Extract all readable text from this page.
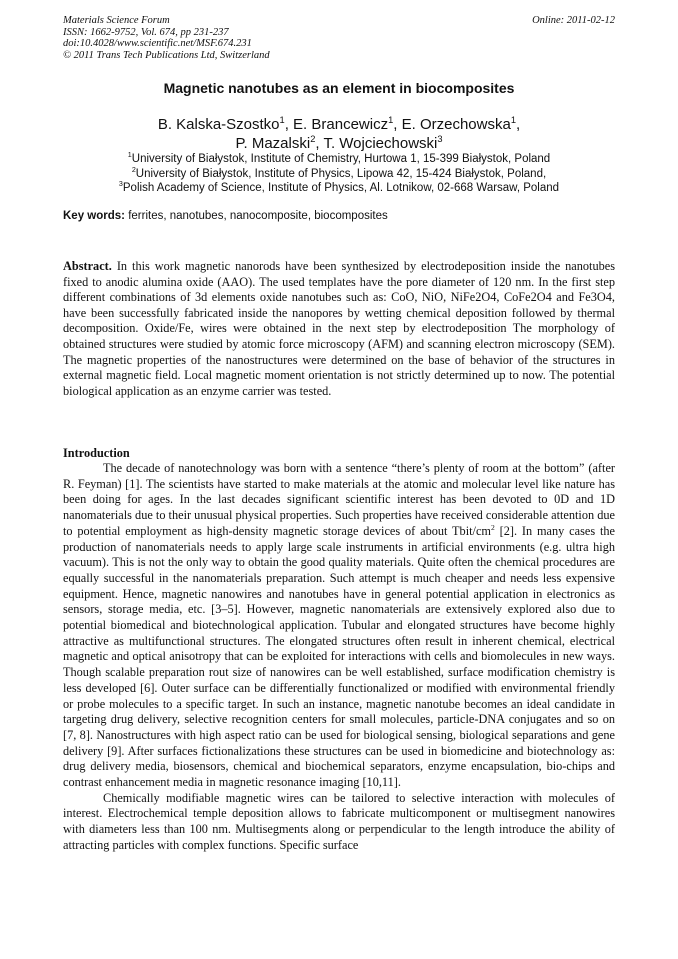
Materials Science Forum
ISSN: 1662-9752, Vol. 674, pp 231-237
doi:10.4028/www.scientific.net/MSF.674.231
© 2011 Trans Tech Publications Ltd, Switzerland
Online: 2011-02-12
Magnetic nanotubes as an element in biocomposites
B. Kalska-Szostko$^1$, E. Brancewicz$^1$, E. Orzechowska$^1$,
P. Mazalski$^2$, T. Wojciechowski$^3$
$^1$University of Białystok, Institute of Chemistry, Hurtowa 1, 15-399 Białystok, Poland
$^2$University of Białystok, Institute of Physics, Lipowa 42, 15-424 Białystok, Poland,
$^3$Polish Academy of Science, Institute of Physics, Al. Lotnikow, 02-668 Warsaw, Poland
Key words: ferrites, nanotubes, nanocomposite, biocomposites
Abstract. In this work magnetic nanorods have been synthesized by electrodeposition inside the nanotubes fixed to anodic alumina oxide (AAO). The used templates have the pore diameter of 120 nm. In the first step different combinations of 3d elements oxide nanotubes such as: CoO, NiO, NiFe2O4, CoFe2O4 and Fe3O4, have been successfully fabricated inside the nanopores by wetting chemical deposition followed by thermal decomposition. Oxide/Fe, wires were obtained in the next step by electrodeposition The morphology of obtained structures were studied by atomic force microscopy (AFM) and scanning electron microscopy (SEM). The magnetic properties of the nanostructures were determined on the base of behavior of the structures in external magnetic field. Local magnetic moment orientation is not strictly determined up to now. The potential biological application as an enzyme carrier was tested.
Introduction

The decade of nanotechnology was born with a sentence “there’s plenty of room at the bottom” (after R. Feyman) [1]. The scientists have started to make materials at the atomic and molecular level like nature has been doing for ages. In the last decades significant scientific interest has been devoted to 0D and 1D nanomaterials due to their unusual physical properties. Such properties have received considerable attention due to potential employment as high-density magnetic storage devices of about Tbit/$cm^2$ [2]. In many cases the production of nanomaterials needs to apply large scale instruments in artificial environments (e.g. ultra high vacuum). This is not the only way to obtain the good quality materials. Quite often the chemical procedures are equally successful in the nanomaterials preparation. Such attempt is much cheaper and needs less expensive equipment. Hence, magnetic nanowires and nanotubes have in general potential application in electronics as sensors, storage media, etc. [3–5]. However, magnetic nanomaterials are extensively explored also due to potential biomedical and biotechnological application. Tubular and elongated structures have become highly attractive as multifunctional structures. The elongated structures often result in inherent chemical, electrical magnetic and optical anisotropy that can be exploited for interactions with cells and biomolecules in new ways. Though scalable preparation rout size of nanowires can be well established, surface modification chemistry is less developed [6]. Outer surface can be differentially functionalized or modified with environmental friendly or probe molecules to a specific target. In such an instance, magnetic nanotube becomes an ideal candidate in targeting drug delivery, selective recognition centers for small molecules, particle-DNA conjugates and so on [7, 8]. Nanostructures with high aspect ratio can be used for biological sensing, biological separations and gene delivery [9]. After surfaces fictionalizations these structures can be used in biomedicine and biotechnology as: drug delivery media, biosensors, chemical and biochemical separators, enzyme encapsulation, bio-chips and contrast enhancement media in magnetic resonance imaging [10,11].

Chemically modifiable magnetic wires can be tailored to selective interaction with molecules of interest. Electrochemical temple deposition allows to fabricate multicomponent or multisegment nanowires with diameters less than 100 nm. Multisegments along or perpendicular to the length introduce the ability of attracting particles with complex functions. Specific surface
